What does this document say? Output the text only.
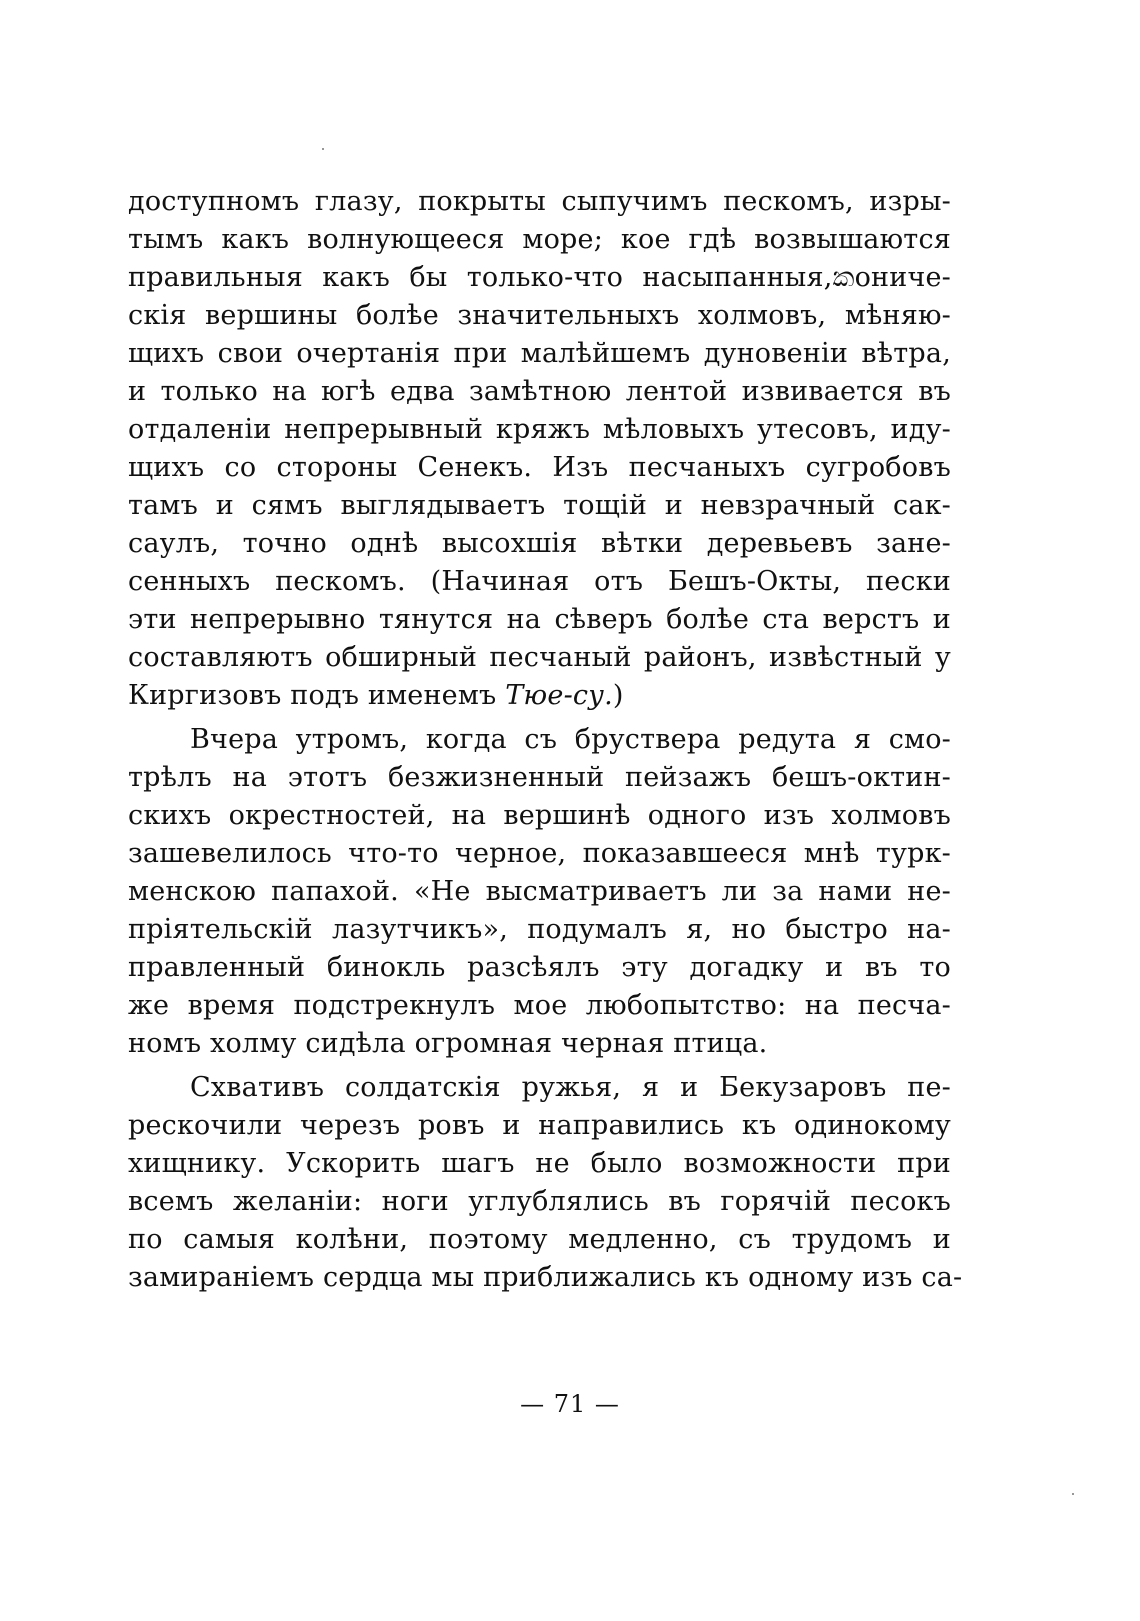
доступномъ глазу, покрыты сыпучимъ пескомъ, изры-
тымъ какъ волнующееся море; кое гдѣ возвышаются
правильныя какъ бы только-что насыпанныя,කониче-
скія вершины болѣе значительныхъ холмовъ, мѣняю-
щихъ свои очертанія при малѣйшемъ дуновеніи вѣтра,
и только на югѣ едва замѣтною лентой извивается въ
отдаленіи непрерывный кряжъ мѣловыхъ утесовъ, иду-
щихъ со стороны Сенекъ. Изъ песчаныхъ сугробовъ
тамъ и сямъ выглядываетъ тощій и невзрачный сак-
саулъ, точно однѣ высохшія вѣтки деревьевъ зане-
сенныхъ пескомъ. (Начиная отъ Бешъ-Окты, пески
эти непрерывно тянутся на сѣверъ болѣе ста верстъ и
составляютъ обширный песчаный районъ, извѣстный у
Киргизовъ подъ именемъ Тюе-су.)
Вчера утромъ, когда съ бруствера редута я смо-
трѣлъ на этотъ безжизненный пейзажъ бешъ-октин-
скихъ окрестностей, на вершинѣ одного изъ холмовъ
зашевелилось что-то черное, показавшееся мнѣ турк-
менскою папахой. «Не высматриваетъ ли за нами не-
пріятельскій лазутчикъ», подумалъ я, но быстро на-
правленный бинокль разсѣялъ эту догадку и въ то
же время подстрекнулъ мое любопытство: на песча-
номъ холму сидѣла огромная черная птица.
Схвативъ солдатскія ружья, я и Бекузаровъ пе-
рескочили черезъ ровъ и направились къ одинокому
хищнику. Ускорить шагъ не было возможности при
всемъ желаніи: ноги углублялись въ горячій песокъ
по самыя колѣни, поэтому медленно, съ трудомъ и
замираніемъ сердца мы приближались къ одному изъ са-
— 71 —
